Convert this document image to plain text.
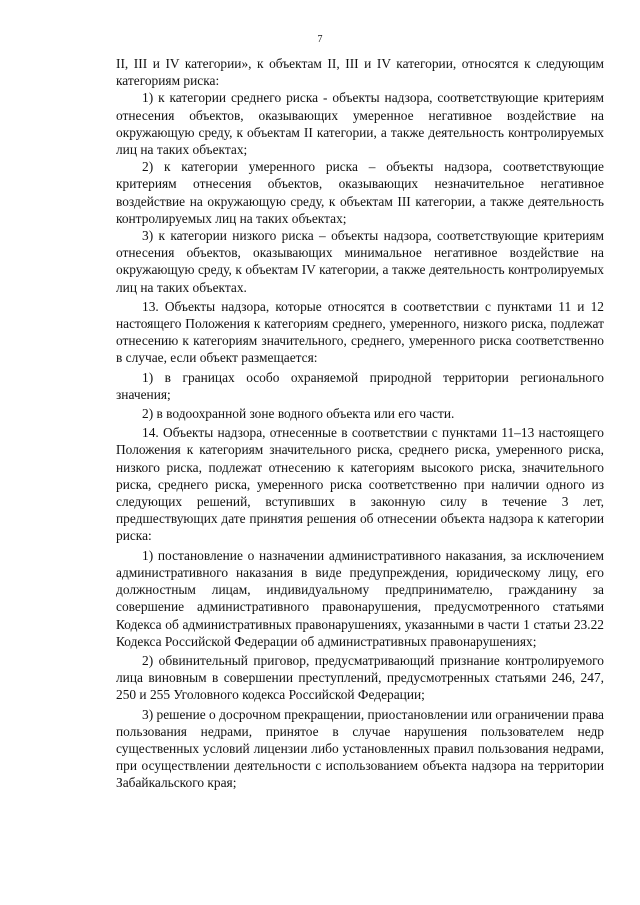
7

II, III и IV категории», к объектам II, III и IV категории, относятся к следующим категориям риска:

1) к категории среднего риска - объекты надзора, соответствующие критериям отнесения объектов, оказывающих умеренное негативное воздействие на окружающую среду, к объектам II категории, а также деятельность контролируемых лиц на таких объектах;

2) к категории умеренного риска – объекты надзора, соответствующие критериям отнесения объектов, оказывающих незначительное негативное воздействие на окружающую среду, к объектам III категории, а также деятельность контролируемых лиц на таких объектах;

3) к категории низкого риска – объекты надзора, соответствующие критериям отнесения объектов, оказывающих минимальное негативное воздействие на окружающую среду, к объектам IV категории, а также деятельность контролируемых лиц на таких объектах.

13. Объекты надзора, которые относятся в соответствии с пунктами 11 и 12 настоящего Положения к категориям среднего, умеренного, низкого риска, подлежат отнесению к категориям значительного, среднего, умеренного риска соответственно в случае, если объект размещается:

1) в границах особо охраняемой природной территории регионального значения;

2) в водоохранной зоне водного объекта или его части.

14. Объекты надзора, отнесенные в соответствии с пунктами 11–13 настоящего Положения к категориям значительного риска, среднего риска, умеренного риска, низкого риска, подлежат отнесению к категориям высокого риска, значительного риска, среднего риска, умеренного риска соответственно при наличии одного из следующих решений, вступивших в законную силу в течение 3 лет, предшествующих дате принятия решения об отнесении объекта надзора к категории риска:

1) постановление о назначении административного наказания, за исключением административного наказания в виде предупреждения, юридическому лицу, его должностным лицам, индивидуальному предпринимателю, гражданину за совершение административного правонарушения, предусмотренного статьями Кодекса об административных правонарушениях, указанными в части 1 статьи 23.22 Кодекса Российской Федерации об административных правонарушениях;

2) обвинительный приговор, предусматривающий признание контролируемого лица виновным в совершении преступлений, предусмотренных статьями 246, 247, 250 и 255 Уголовного кодекса Российской Федерации;

3) решение о досрочном прекращении, приостановлении или ограничении права пользования недрами, принятое в случае нарушения пользователем недр существенных условий лицензии либо установленных правил пользования недрами, при осуществлении деятельности с использованием объекта надзора на территории Забайкальского края;
